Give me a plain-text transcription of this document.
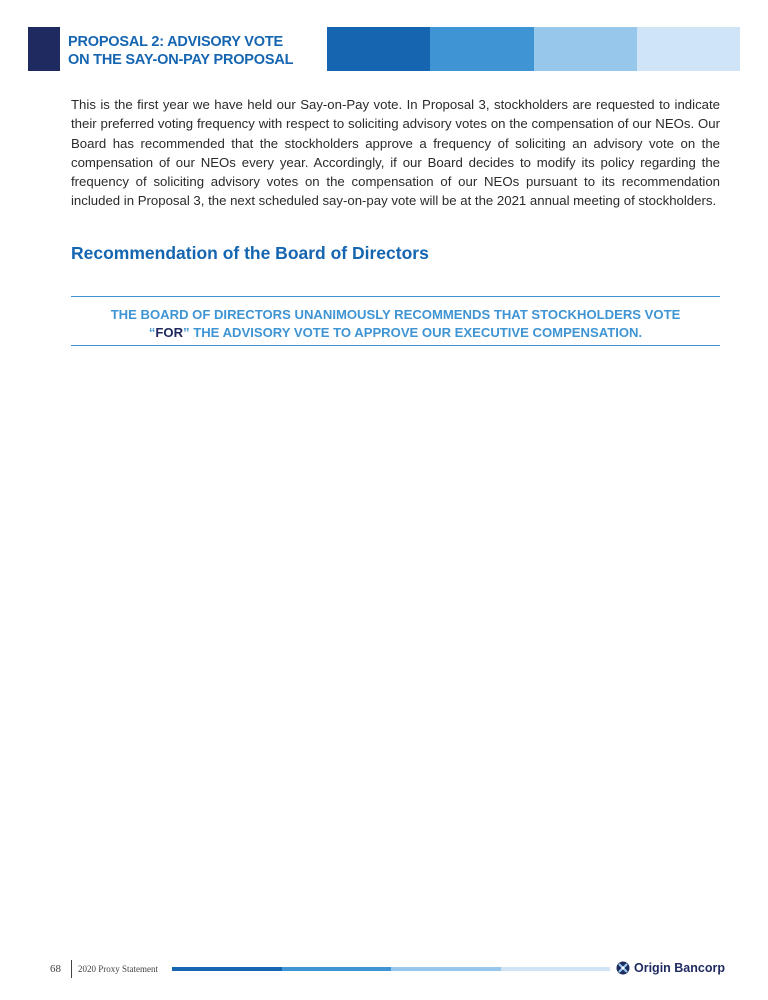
PROPOSAL 2: ADVISORY VOTE
ON THE SAY-ON-PAY PROPOSAL

This is the first year we have held our Say-on-Pay vote. In Proposal 3, stockholders are requested to indicate their preferred voting frequency with respect to soliciting advisory votes on the compensation of our NEOs. Our Board has recommended that the stockholders approve a frequency of soliciting an advisory vote on the compensation of our NEOs every year. Accordingly, if our Board decides to modify its policy regarding the frequency of soliciting advisory votes on the compensation of our NEOs pursuant to its recommendation included in Proposal 3, the next scheduled say-on-pay vote will be at the 2021 annual meeting of stockholders.

Recommendation of the Board of Directors
THE BOARD OF DIRECTORS UNANIMOUSLY RECOMMENDS THAT STOCKHOLDERS VOTE
“FOR” THE ADVISORY VOTE TO APPROVE OUR EXECUTIVE COMPENSATION.
68 2020 Proxy Statement	Origin Bancorp
